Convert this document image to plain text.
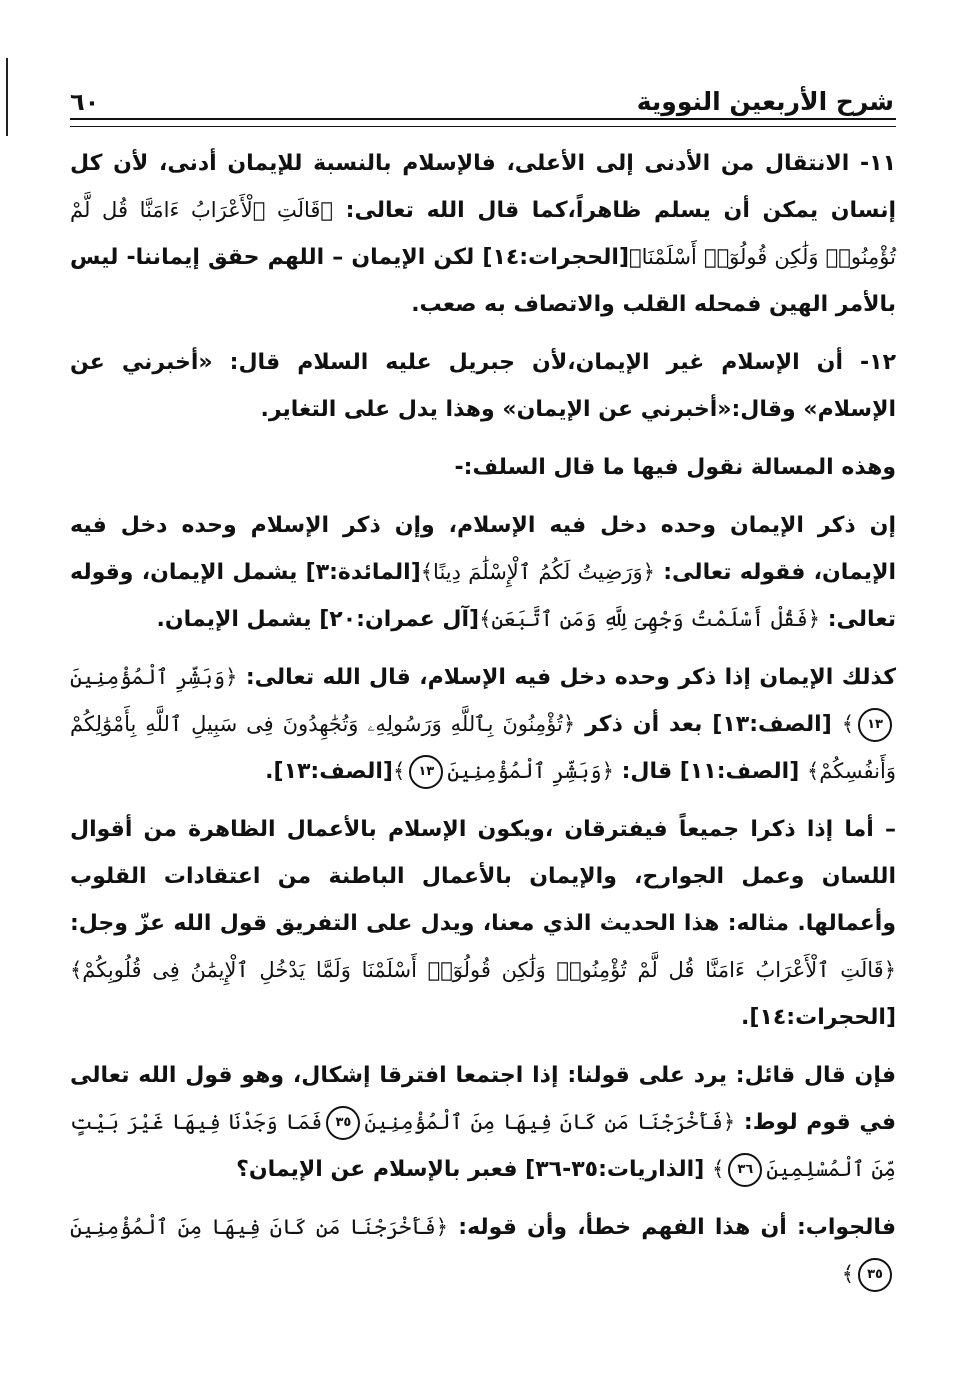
شرح الأربعين النووية
٦٠

١١- الانتقال من الأدنى إلى الأعلى، فالإسلام بالنسبة للإيمان أدنى، لأن كل إنسان يمكن أن يسلم ظاهراً،كما قال الله تعالى: ﴿قَالَتِ ٱلْأَعْرَابُ ءَامَنَّا قُل لَّمْ تُؤْمِنُوا۟ وَلَٰكِن قُولُوٓا۟ أَسْلَمْنَا﴾[الحجرات:١٤] لكن الإيمان – اللهم حقق إيماننا- ليس بالأمر الهين فمحله القلب والاتصاف به صعب.

١٢- أن الإسلام غير الإيمان،لأن جبريل عليه السلام قال: «أخبرني عن الإسلام» وقال:«أخبرني عن الإيمان» وهذا يدل على التغاير.

وهذه المسالة نقول فيها ما قال السلف:-

إن ذكر الإيمان وحده دخل فيه الإسلام، وإن ذكر الإسلام وحده دخل فيه الإيمان، فقوله تعالى: ﴿وَرَضِيتُ لَكُمُ ٱلْإِسْلَٰمَ دِينًا﴾[المائدة:٣] يشمل الإيمان، وقوله تعالى: ﴿فَقُلْ أَسْلَمْتُ وَجْهِىَ لِلَّهِ وَمَنِ ٱتَّبَعَنِ﴾[آل عمران:٢٠] يشمل الإيمان.

كذلك الإيمان إذا ذكر وحده دخل فيه الإسلام، قال الله تعالى: ﴿وَبَشِّرِ ٱلْمُؤْمِنِينَ١٣﴾ [الصف:١٣] بعد أن ذكر ﴿تُؤْمِنُونَ بِٱللَّهِ وَرَسُولِهِۦ وَتُجَٰهِدُونَ فِى سَبِيلِ ٱللَّهِ بِأَمْوَٰلِكُمْ وَأَنفُسِكُمْ﴾ [الصف:١١] قال: ﴿وَبَشِّرِ ٱلْمُؤْمِنِينَ١٣﴾[الصف:١٣].

– أما إذا ذكرا جميعاً فيفترقان ،ويكون الإسلام بالأعمال الظاهرة من أقوال اللسان وعمل الجوارح، والإيمان بالأعمال الباطنة من اعتقادات القلوب وأعمالها. مثاله: هذا الحديث الذي معنا، ويدل على التفريق قول الله عزّ وجل: ﴿قَالَتِ ٱلْأَعْرَابُ ءَامَنَّا قُل لَّمْ تُؤْمِنُوا۟ وَلَٰكِن قُولُوٓا۟ أَسْلَمْنَا وَلَمَّا يَدْخُلِ ٱلْإِيمَٰنُ فِى قُلُوبِكُمْ﴾[الحجرات:١٤].

فإن قال قائل: يرد على قولنا: إذا اجتمعا افترقا إشكال، وهو قول الله تعالى في قوم لوط: ﴿فَأَخْرَجْنَا مَن كَانَ فِيهَا مِنَ ٱلْمُؤْمِنِينَ٣٥فَمَا وَجَدْنَا فِيهَا غَيْرَ بَيْتٍ مِّنَ ٱلْمُسْلِمِينَ٣٦﴾ [الذاريات:٣٥-٣٦] فعبر بالإسلام عن الإيمان؟

فالجواب: أن هذا الفهم خطأ، وأن قوله: ﴿فَأَخْرَجْنَا مَن كَانَ فِيهَا مِنَ ٱلْمُؤْمِنِينَ٣٥﴾
